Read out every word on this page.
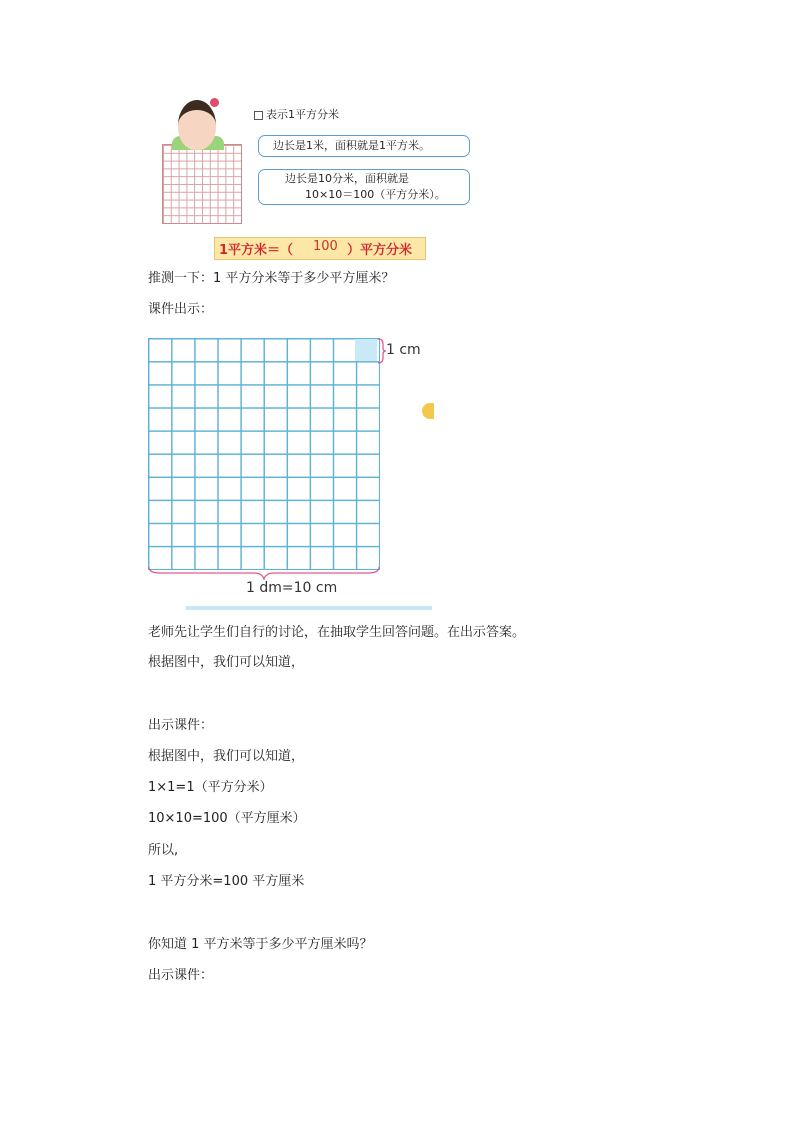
表示1平方分米
边长是1米，面积就是1平方米。
边长是10分米，面积就是
10×10＝100（平方分米）。
1平方米＝（ 100 ）平方分米
推测一下：1 平方分米等于多少平方厘米？
课件出示：
1 cm
1 dm=10 cm
老师先让学生们自行的讨论，在抽取学生回答问题。在出示答案。
根据图中，我们可以知道，
出示课件：
根据图中，我们可以知道，
1×1=1（平方分米）
10×10=100（平方厘米）
所以,
1 平方分米=100 平方厘米
你知道 1 平方米等于多少平方厘米吗？
出示课件：
